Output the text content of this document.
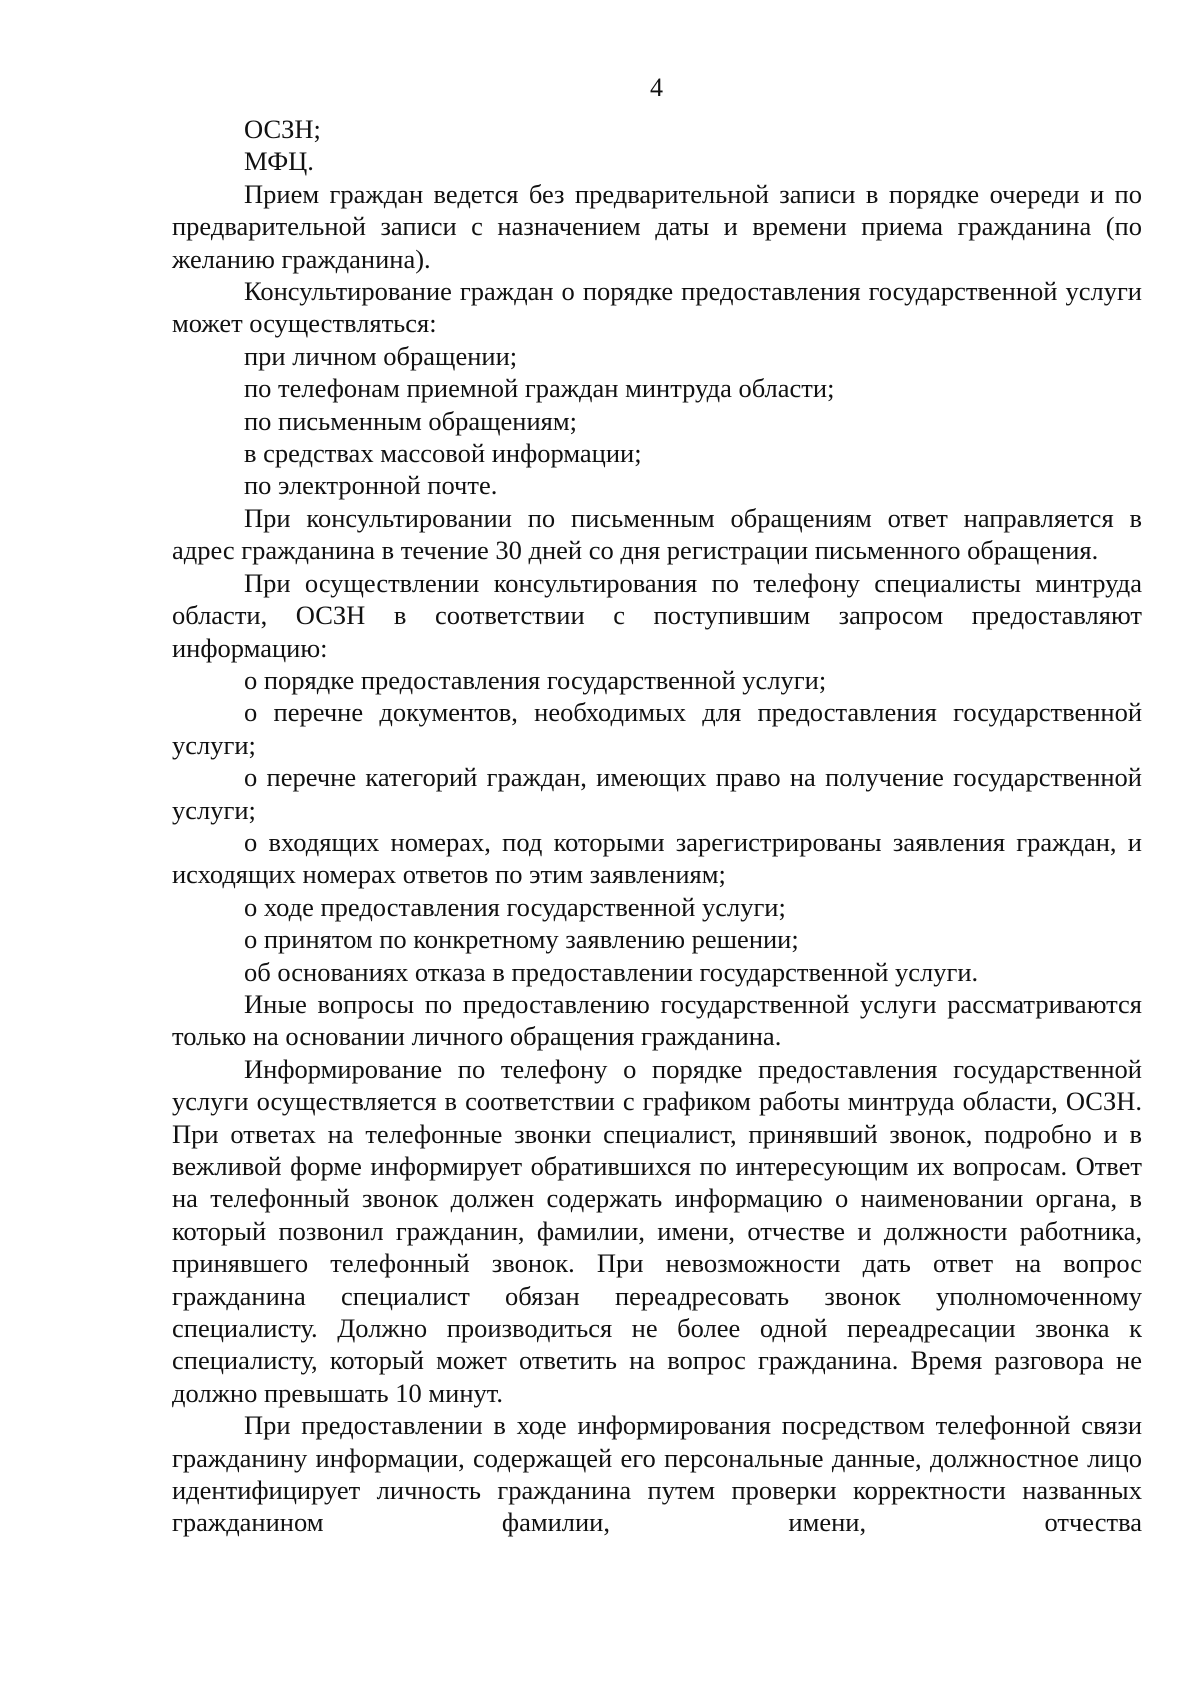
4

ОСЗН;

МФЦ.

Прием граждан ведется без предварительной записи в порядке очереди и по предварительной записи с назначением даты и времени приема гражданина (по желанию гражданина).

Консультирование граждан о порядке предоставления государственной услуги может осуществляться:

при личном обращении;

по телефонам приемной граждан минтруда области;

по письменным обращениям;

в средствах массовой информации;

по электронной почте.

При консультировании по письменным обращениям ответ направляется в адрес гражданина в течение 30 дней со дня регистрации письменного обращения.

При осуществлении консультирования по телефону специалисты минтруда области, ОСЗН в соответствии с поступившим запросом предоставляют информацию:

о порядке предоставления государственной услуги;

о перечне документов, необходимых для предоставления государственной услуги;

о перечне категорий граждан, имеющих право на получение государственной услуги;

о входящих номерах, под которыми зарегистрированы заявления граждан, и исходящих номерах ответов по этим заявлениям;

о ходе предоставления государственной услуги;

о принятом по конкретному заявлению решении;

об основаниях отказа в предоставлении государственной услуги.

Иные вопросы по предоставлению государственной услуги рассматриваются только на основании личного обращения гражданина.

Информирование по телефону о порядке предоставления государственной услуги осуществляется в соответствии с графиком работы минтруда области, ОСЗН. При ответах на телефонные звонки специалист, принявший звонок, подробно и в вежливой форме информирует обратившихся по интересующим их вопросам. Ответ на телефонный звонок должен содержать информацию о наименовании органа, в который позвонил гражданин, фамилии, имени, отчестве и должности работника, принявшего телефонный звонок. При невозможности дать ответ на вопрос гражданина специалист обязан переадресовать звонок уполномоченному специалисту. Должно производиться не более одной переадресации звонка к специалисту, который может ответить на вопрос гражданина. Время разговора не должно превышать 10 минут.

При предоставлении в ходе информирования посредством телефонной связи гражданину информации, содержащей его персональные данные, должностное лицо идентифицирует личность гражданина путем проверки корректности названных гражданином фамилии, имени, отчества
